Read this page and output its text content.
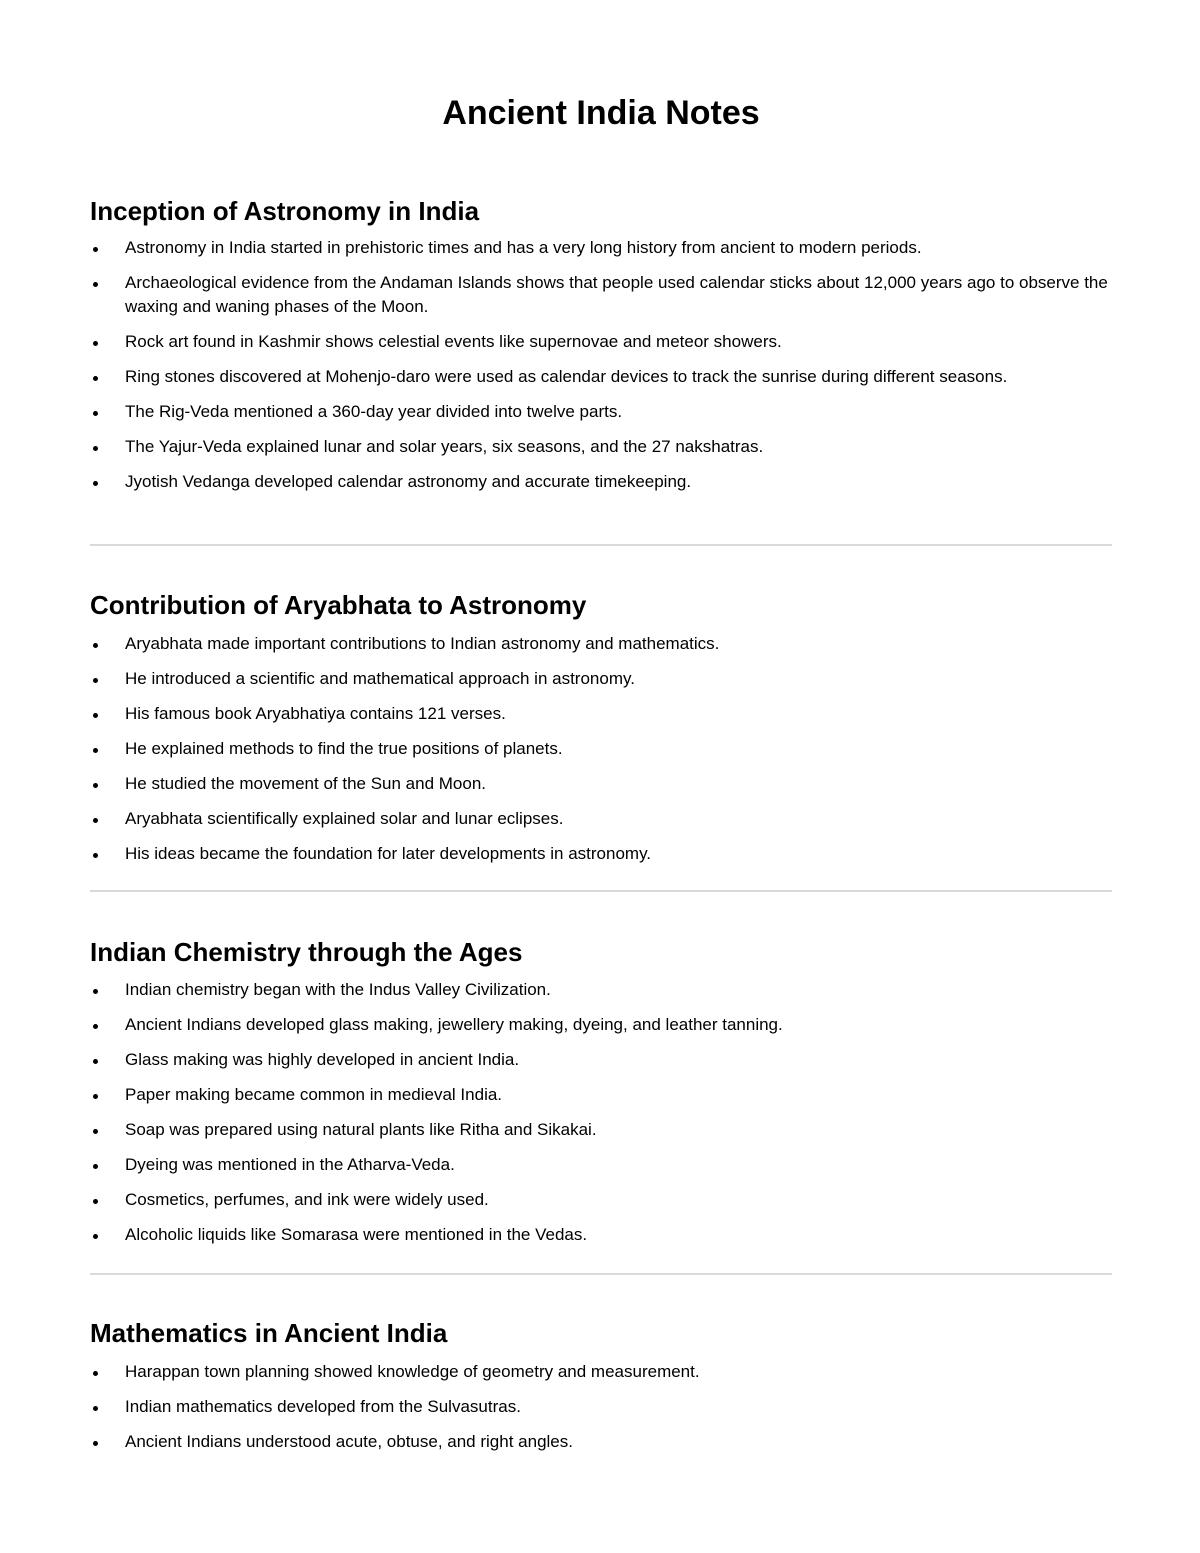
Ancient India Notes
Inception of Astronomy in India
Astronomy in India started in prehistoric times and has a very long history from ancient to modern periods.
Archaeological evidence from the Andaman Islands shows that people used calendar sticks about 12,000 years ago to observe the waxing and waning phases of the Moon.
Rock art found in Kashmir shows celestial events like supernovae and meteor showers.
Ring stones discovered at Mohenjo-daro were used as calendar devices to track the sunrise during different seasons.
The Rig-Veda mentioned a 360-day year divided into twelve parts.
The Yajur-Veda explained lunar and solar years, six seasons, and the 27 nakshatras.
Jyotish Vedanga developed calendar astronomy and accurate timekeeping.
Contribution of Aryabhata to Astronomy
Aryabhata made important contributions to Indian astronomy and mathematics.
He introduced a scientific and mathematical approach in astronomy.
His famous book Aryabhatiya contains 121 verses.
He explained methods to find the true positions of planets.
He studied the movement of the Sun and Moon.
Aryabhata scientifically explained solar and lunar eclipses.
His ideas became the foundation for later developments in astronomy.
Indian Chemistry through the Ages
Indian chemistry began with the Indus Valley Civilization.
Ancient Indians developed glass making, jewellery making, dyeing, and leather tanning.
Glass making was highly developed in ancient India.
Paper making became common in medieval India.
Soap was prepared using natural plants like Ritha and Sikakai.
Dyeing was mentioned in the Atharva-Veda.
Cosmetics, perfumes, and ink were widely used.
Alcoholic liquids like Somarasa were mentioned in the Vedas.
Mathematics in Ancient India
Harappan town planning showed knowledge of geometry and measurement.
Indian mathematics developed from the Sulvasutras.
Ancient Indians understood acute, obtuse, and right angles.
